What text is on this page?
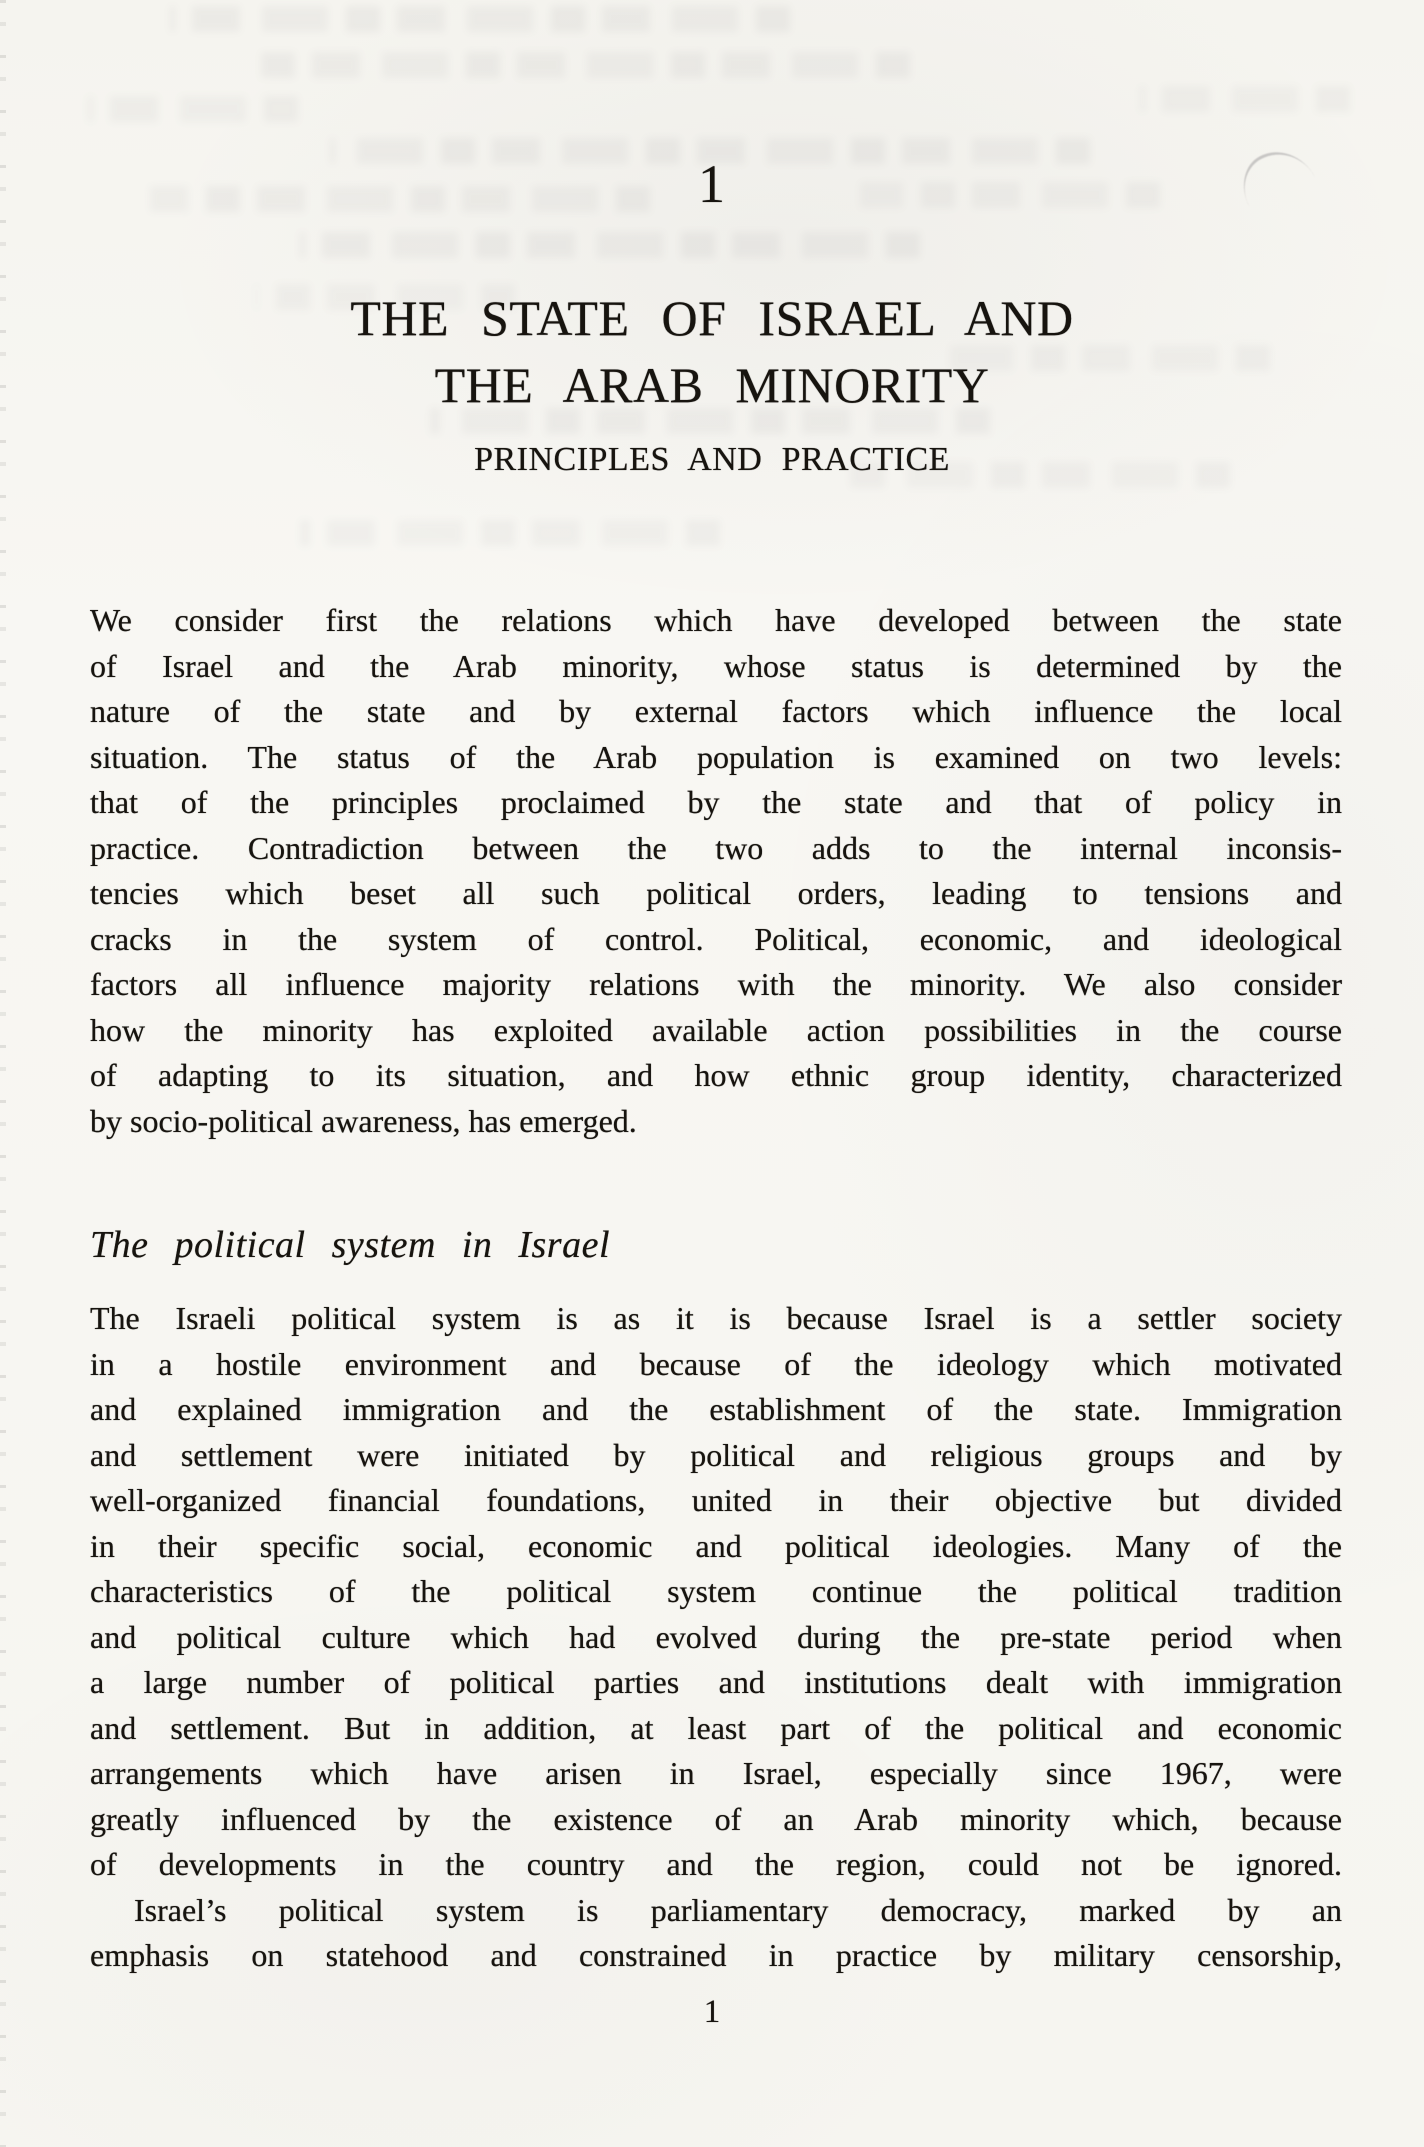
1
THE STATE OF ISRAEL AND
THE ARAB MINORITY
PRINCIPLES AND PRACTICE
We consider first the relations which have developed between the state
of Israel and the Arab minority, whose status is determined by the
nature of the state and by external factors which influence the local
situation. The status of the Arab population is examined on two levels:
that of the principles proclaimed by the state and that of policy in
practice. Contradiction between the two adds to the internal inconsis-
tencies which beset all such political orders, leading to tensions and
cracks in the system of control. Political, economic, and ideological
factors all influence majority relations with the minority. We also consider
how the minority has exploited available action possibilities in the course
of adapting to its situation, and how ethnic group identity, characterized
by socio-political awareness, has emerged.
The political system in Israel
The Israeli political system is as it is because Israel is a settler society
in a hostile environment and because of the ideology which motivated
and explained immigration and the establishment of the state. Immigration
and settlement were initiated by political and religious groups and by
well-organized financial foundations, united in their objective but divided
in their specific social, economic and political ideologies. Many of the
characteristics of the political system continue the political tradition
and political culture which had evolved during the pre-state period when
a large number of political parties and institutions dealt with immigration
and settlement. But in addition, at least part of the political and economic
arrangements which have arisen in Israel, especially since 1967, were
greatly influenced by the existence of an Arab minority which, because
of developments in the country and the region, could not be ignored.
Israel’s political system is parliamentary democracy, marked by an
emphasis on statehood and constrained in practice by military censorship,
1
